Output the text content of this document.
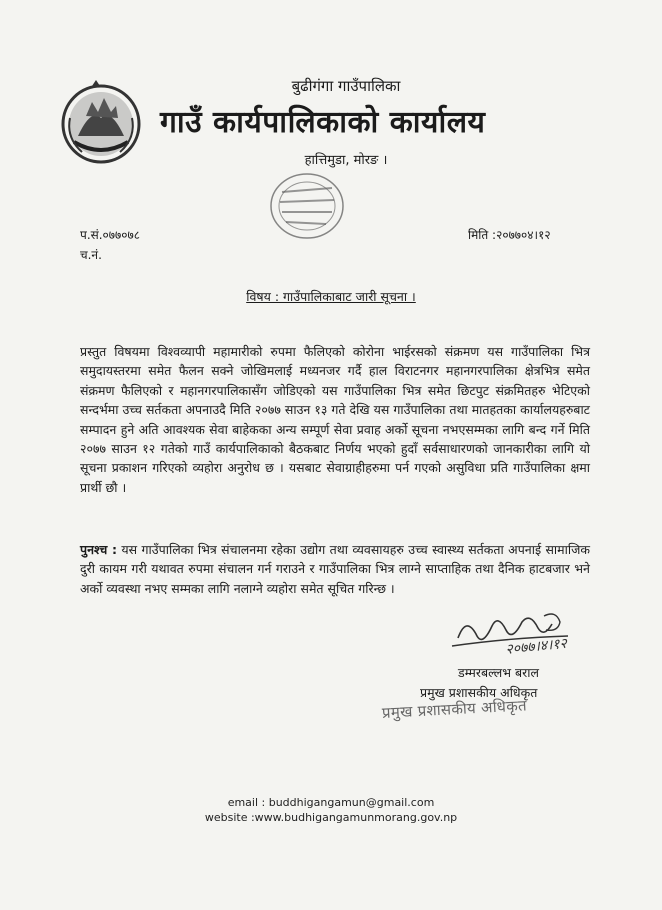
बुढीगंगा गाउँपालिका
गाउँ कार्यपालिकाको कार्यालय
हात्तिमुडा, मोरङ ।
प.सं.०७७०७८
च.नं.
मिति :२०७७०४।१२
विषय : गाउँपालिकाबाट जारी सूचना ।
प्रस्तुत विषयमा विश्वव्यापी महामारीको रुपमा फैलिएको कोरोना भाईरसको संक्रमण यस गाउँपालिका भित्र समुदायस्तरमा समेत फैलन सक्ने जोखिमलाई मध्यनजर गर्दै हाल विराटनगर महानगरपालिका क्षेत्रभित्र समेत संक्रमण फैलिएको र महानगरपालिकासँग जोडिएको यस गाउँपालिका भित्र समेत छिटपुट संक्रमितहरु भेटिएको सन्दर्भमा उच्च सर्तकता अपनाउदै मिति २०७७ साउन १३ गते देखि यस गाउँपालिका तथा मातहतका कार्यालयहरुबाट सम्पादन हुने अति आवश्यक सेवा बाहेकका अन्य सम्पूर्ण सेवा प्रवाह अर्को सूचना नभएसम्मका लागि बन्द गर्ने मिति २०७७ साउन १२ गतेको गाउँ कार्यपालिकाको बैठकबाट निर्णय भएको हुदाँ सर्वसाधारणको जानकारीका लागि यो सूचना प्रकाशन गरिएको व्यहोरा अनुरोध छ । यसबाट सेवाग्राहीहरुमा पर्न गएको असुविधा प्रति गाउँपालिका क्षमा प्रार्थी छौ ।
पुनश्च : यस गाउँपालिका भित्र संचालनमा रहेका उद्योग तथा व्यवसायहरु उच्च स्वास्थ्य सर्तकता अपनाई सामाजिक दुरी कायम गरी यथावत रुपमा संचालन गर्न गराउने र गाउँपालिका भित्र लाग्ने साप्ताहिक तथा दैनिक हाटबजार भने अर्को व्यवस्था नभए सम्मका लागि नलाग्ने व्यहोरा समेत सूचित गरिन्छ ।
२०७७।४।१२
डम्मरबल्लभ बराल
प्रमुख प्रशासकीय अधिकृत
प्रमुख प्रशासकीय अधिकृत
email : buddhigangamun@gmail.com
website :www.budhigangamunmorang.gov.np
